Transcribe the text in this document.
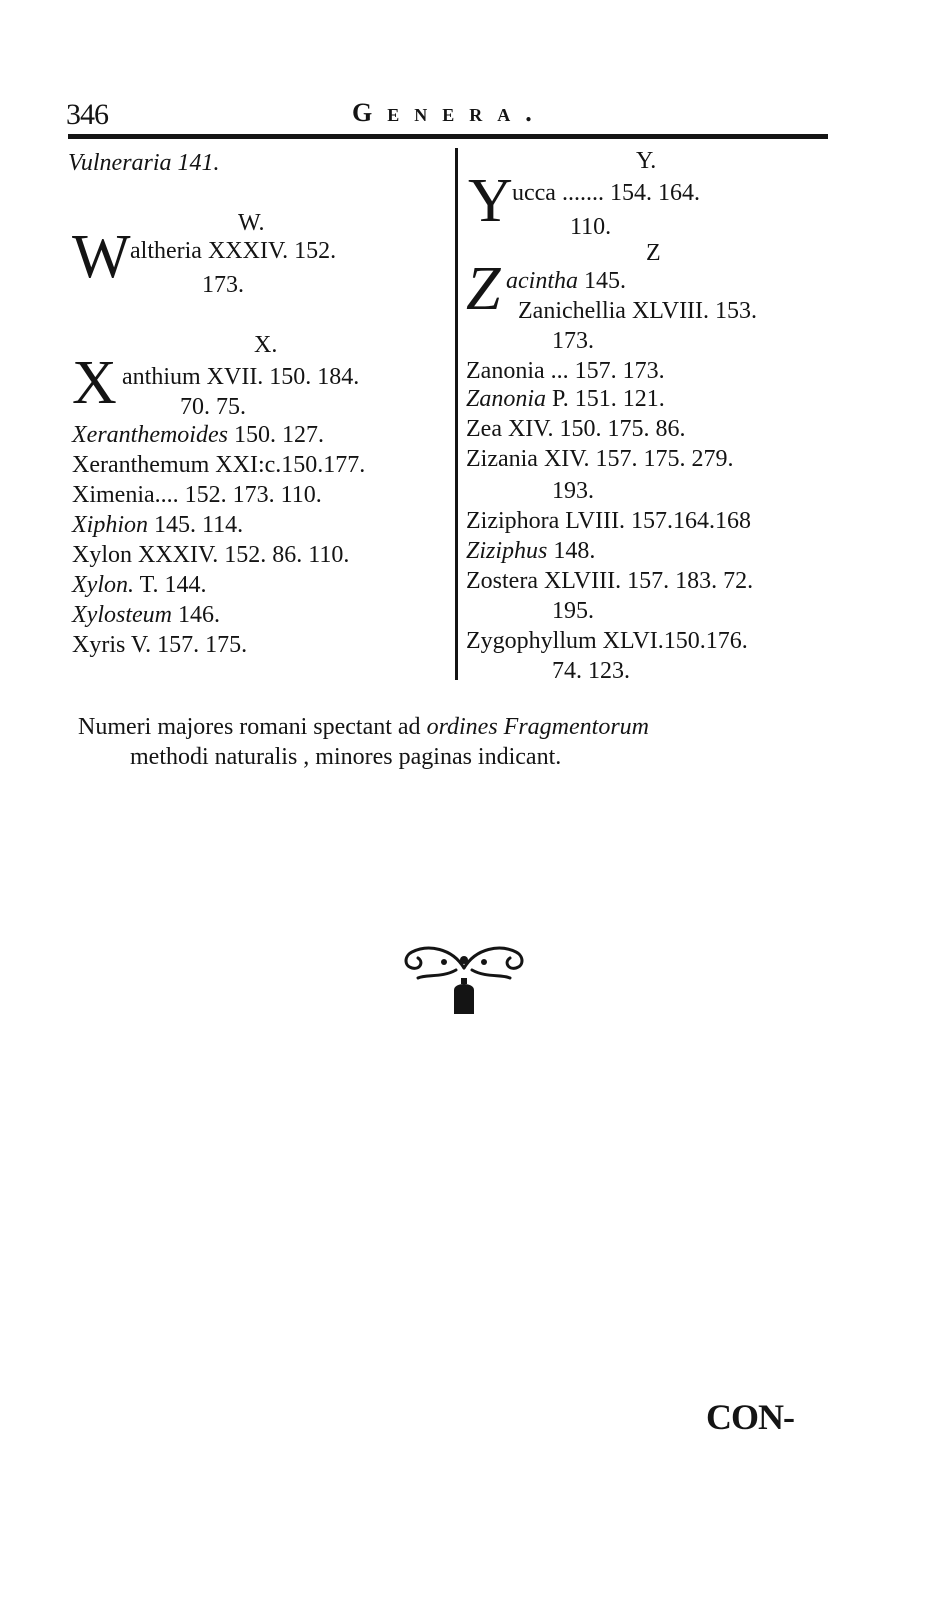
346	Genera.
Vulneraria 141.
W.
W altheria XXXIV. 152.
173.
X.
X anthium XVII. 150. 184.
70. 75.
Xeranthemoides 150. 127.
Xeranthemum XXI:c.150.177.
Ximenia.... 152. 173. 110.
Xiphion 145. 114.
Xylon XXXIV. 152. 86. 110.
Xylon. T. 144.
Xylosteum 146.
Xyris V. 157. 175.
Y.
Y ucca ....... 154. 164.
110.
Z
Z acintha 145.
Zanichellia XLVIII. 153.
173.
Zanonia ... 157. 173.
Zanonia P. 151. 121.
Zea XIV. 150. 175. 86.
Zizania XIV. 157. 175. 279.
193.
Ziziphora LVIII. 157.164.168
Ziziphus 148.
Zostera XLVIII. 157. 183. 72.
195.
Zygophyllum XLVI.150.176.
74. 123.
Numeri majores romani spectant ad ordines Fragmentorum
methodi naturalis , minores paginas indicant.
CON-
